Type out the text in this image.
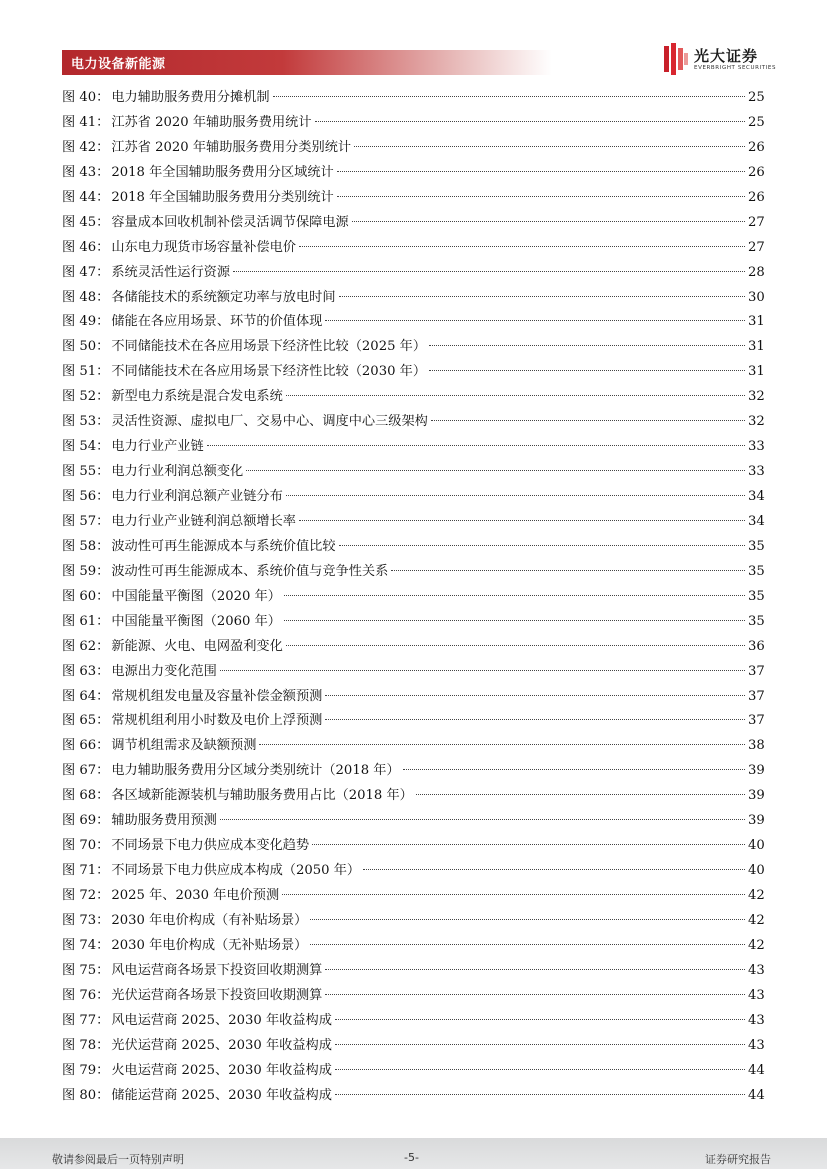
电力设备新能源	光大证券
EVERBRIGHT SECURITIES
图 40： 电力辅助服务费用分摊机制	25
图 41： 江苏省 2020 年辅助服务费用统计	25
图 42： 江苏省 2020 年辅助服务费用分类别统计	26
图 43： 2018 年全国辅助服务费用分区域统计	26
图 44： 2018 年全国辅助服务费用分类别统计	26
图 45： 容量成本回收机制补偿灵活调节保障电源	27
图 46： 山东电力现货市场容量补偿电价	27
图 47： 系统灵活性运行资源	28
图 48： 各储能技术的系统额定功率与放电时间	30
图 49： 储能在各应用场景、环节的价值体现	31
图 50： 不同储能技术在各应用场景下经济性比较（2025 年）	31
图 51： 不同储能技术在各应用场景下经济性比较（2030 年）	31
图 52： 新型电力系统是混合发电系统	32
图 53： 灵活性资源、虚拟电厂、交易中心、调度中心三级架构	32
图 54： 电力行业产业链	33
图 55： 电力行业利润总额变化	33
图 56： 电力行业利润总额产业链分布	34
图 57： 电力行业产业链利润总额增长率	34
图 58： 波动性可再生能源成本与系统价值比较	35
图 59： 波动性可再生能源成本、系统价值与竞争性关系	35
图 60： 中国能量平衡图（2020 年）	35
图 61： 中国能量平衡图（2060 年）	35
图 62： 新能源、火电、电网盈利变化	36
图 63： 电源出力变化范围	37
图 64： 常规机组发电量及容量补偿金额预测	37
图 65： 常规机组利用小时数及电价上浮预测	37
图 66： 调节机组需求及缺额预测	38
图 67： 电力辅助服务费用分区域分类别统计（2018 年）	39
图 68： 各区域新能源装机与辅助服务费用占比（2018 年）	39
图 69： 辅助服务费用预测	39
图 70： 不同场景下电力供应成本变化趋势	40
图 71： 不同场景下电力供应成本构成（2050 年）	40
图 72： 2025 年、2030 年电价预测	42
图 73： 2030 年电价构成（有补贴场景）	42
图 74： 2030 年电价构成（无补贴场景）	42
图 75： 风电运营商各场景下投资回收期测算	43
图 76： 光伏运营商各场景下投资回收期测算	43
图 77： 风电运营商 2025、2030 年收益构成	43
图 78： 光伏运营商 2025、2030 年收益构成	43
图 79： 火电运营商 2025、2030 年收益构成	44
图 80： 储能运营商 2025、2030 年收益构成	44
敬请参阅最后一页特别声明	-5-	证券研究报告
